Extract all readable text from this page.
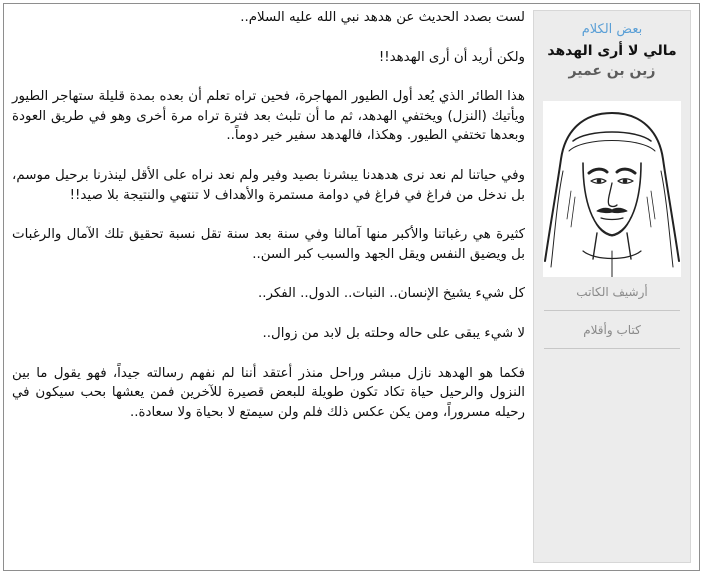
بعض الكلام
مالي لا أرى الهدهد
زين بن عمير
أرشيف الكاتب
كتاب وأقلام

لست بصدد الحديث عن هدهد نبي الله عليه السلام..

ولكن أريد أن أرى الهدهد!!

هذا الطائر الذي يُعد أول الطيور المهاجرة، فحين تراه تعلم أن بعده بمدة قليلة ستهاجر الطيور ويأتيك (النزل) ويختفي الهدهد، ثم ما أن تلبث بعد فترة تراه مرة أخرى وهو في طريق العودة وبعدها تختفي الطيور. وهكذا، فالهدهد سفير خير دوماً..

وفي حياتنا لم نعد نرى هدهدنا يبشرنا بصيد وفير ولم نعد نراه على الأقل لينذرنا برحيل موسم، بل ندخل من فراغ في فراغ في دوامة مستمرة والأهداف لا تنتهي والنتيجة بلا صيد!!

كثيرة هي رغباتنا والأكبر منها آمالنا وفي سنة بعد سنة تقل نسبة تحقيق تلك الآمال والرغبات بل ويضيق النفس ويقل الجهد والسبب كبر السن..

كل شيء يشيخ الإنسان.. النبات.. الدول.. الفكر..

لا شيء يبقى على حاله وحلته بل لابد من زوال..

فكما هو الهدهد نازل مبشر وراحل منذر أعتقد أننا لم نفهم رسالته جيداً، فهو يقول ما بين النزول والرحيل حياة تكاد تكون طويلة للبعض قصيرة للآخرين فمن يعشها بحب سيكون في رحيله مسروراً، ومن يكن عكس ذلك فلم ولن سيمتع لا بحياة ولا سعادة..
